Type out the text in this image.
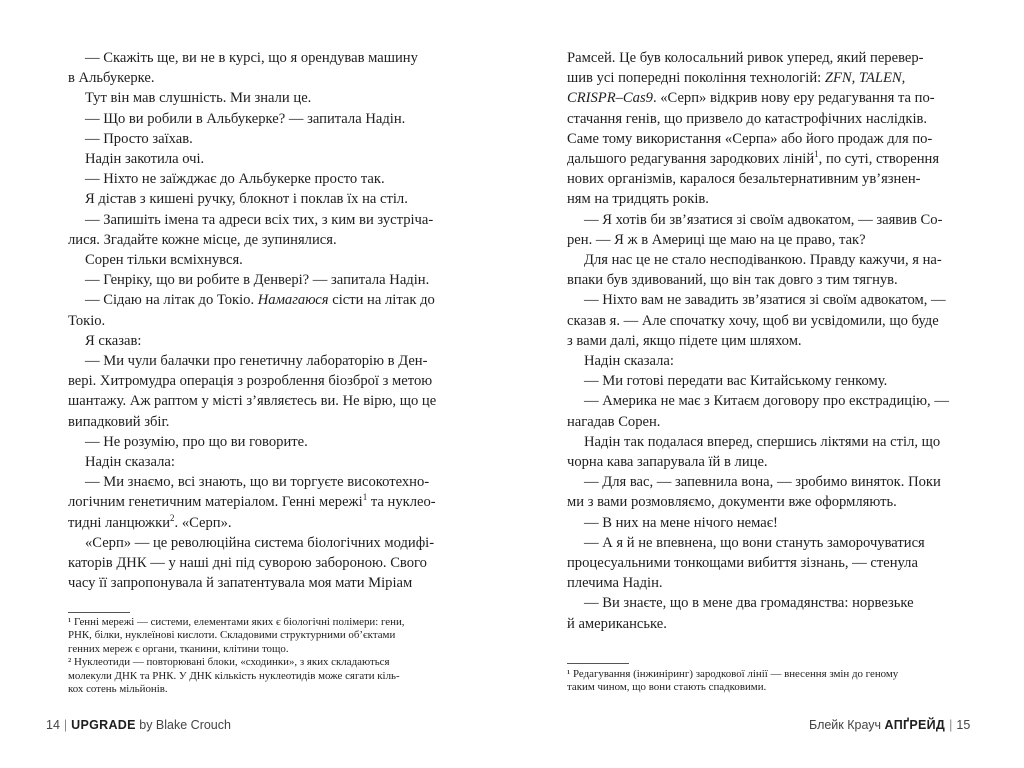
— Скажіть ще, ви не в курсі, що я орендував машину

в Альбукерке.

Тут він мав слушність. Ми знали це.

— Що ви робили в Альбукерке? — запитала Надін.

— Просто заїхав.

Надін закотила очі.

— Ніхто не заїжджає до Альбукерке просто так.

Я дістав з кишені ручку, блокнот і поклав їх на стіл.

— Запишіть імена та адреси всіх тих, з ким ви зустріча-

лися. Згадайте кожне місце, де зупинялися.

Сорен тільки всміхнувся.

— Генріку, що ви робите в Денвері? — запитала Надін.

— Сідаю на літак до Токіо. Намагаюся сісти на літак до

Токіо.

Я сказав:

— Ми чули балачки про генетичну лабораторію в Ден-

вері. Хитромудра операція з розроблення біозброї з метою

шантажу. Аж раптом у місті з’являєтесь ви. Не вірю, що це

випадковий збіг.

— Не розумію, про що ви говорите.

Надін сказала:

— Ми знаємо, всі знають, що ви торгуєте високотехно-

логічним генетичним матеріалом. Генні мережі$^1$ та нуклео-

тидні ланцюжки$^2$. «Серп».

«Серп» — це революційна система біологічних модифі-

каторів ДНК — у наші дні під суворою забороною. Свого

часу її запропонувала й запатентувала моя мати Міріам

¹ Генні мережі — системи, елементами яких є біологічні полімери: гени,
РНК, білки, нуклеїнові кислоти. Складовими структурними об’єктами
генних мереж є органи, тканини, клітини тощо.
² Нуклеотиди — повторювані блоки, «сходинки», з яких складаються
молекули ДНК та РНК. У ДНК кількість нуклеотидів може сягати кіль-
кох сотень мільйонів.

Рамсей. Це був колосальний ривок уперед, який перевер-

шив усі попередні покоління технологій: ZFN, TALEN,

CRISPR–Cas9. «Серп» відкрив нову еру редагування та по-

стачання генів, що призвело до катастрофічних наслідків.

Саме тому використання «Серпа» або його продаж для по-

дальшого редагування зародкових ліній$^1$, по суті, створення

нових організмів, каралося безальтернативним ув’язнен-

ням на тридцять років.

— Я хотів би зв’язатися зі своїм адвокатом, — заявив Со-

рен. — Я ж в Америці ще маю на це право, так?

Для нас це не стало несподіванкою. Правду кажучи, я на-

впаки був здивований, що він так довго з тим тягнув.

— Ніхто вам не завадить зв’язатися зі своїм адвокатом, —

сказав я. — Але спочатку хочу, щоб ви усвідомили, що буде

з вами далі, якщо підете цим шляхом.

Надін сказала:

— Ми готові передати вас Китайському генкому.

— Америка не має з Китаєм договору про екстрадицію, —

нагадав Сорен.

Надін так подалася вперед, спершись ліктями на стіл, що

чорна кава запарувала їй в лице.

— Для вас, — запевнила вона, — зробимо виняток. Поки

ми з вами розмовляємо, документи вже оформляють.

— В них на мене нічого немає!

— А я й не впевнена, що вони стануть заморочуватися

процесуальними тонкощами вибиття зізнань, — стенула

плечима Надін.

— Ви знаєте, що в мене два громадянства: норвезьке

й американське.

¹ Редагування (інжиніринг) зародкової лінії — внесення змін до геному
таким чином, що вони стають спадковими.
14 | UPGRADE by Blake Crouch	Блейк Крауч АПҐРЕЙД | 15
